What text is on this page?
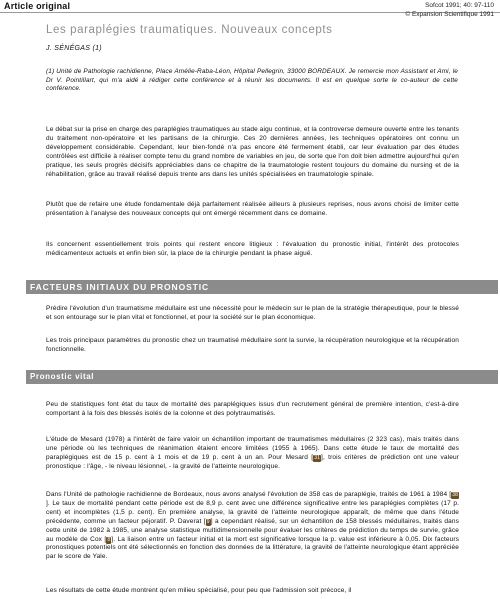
Article original	Sofcot 1991; 40: 97-110
© Expansion Scientifique 1991
Les paraplégies traumatiques. Nouveaux concepts
J. SÉNÉGAS (1)
(1) Unité de Pathologie rachidienne, Place Amélie-Raba-Léon, Hôpital Pellegrin, 33000 BORDEAUX. Je remercie mon Assistant et Ami, le Dr V. Pointillart, qui m'a aidé à rédiger cette conférence et à réunir les documents. Il est en quelque sorte le co-auteur de cette conférence.
Le débat sur la prise en charge des paraplégies traumatiques au stade aigu continue, et la controverse demeure ouverte entre les tenants du traitement non-opératoire et les partisans de la chirurgie. Ces 20 dernières années, les techniques opératoires ont connu un développement considérable. Cependant, leur bien-fondé n'a pas encore été fermement établi, car leur évaluation par des études contrôlées est difficile à réaliser compte tenu du grand nombre de variables en jeu, de sorte que l'on doit bien admettre aujourd'hui qu'en pratique, les seuls progrès décisifs appréciables dans ce chapitre de la traumatologie restent toujours du domaine du nursing et de la réhabilitation, grâce au travail réalisé depuis trente ans dans les unités spécialisées en traumatologie spinale.
Plutôt que de refaire une étude fondamentale déjà parfaitement réalisée ailleurs à plusieurs reprises, nous avons choisi de limiter cette présentation à l'analyse des nouveaux concepts qui ont émergé récemment dans ce domaine.
Ils concernent essentiellement trois points qui restent encore litigieux : l'évaluation du pronostic initial, l'intérêt des protocoles médicamenteux actuels et enfin bien sûr, la place de la chirurgie pendant la phase aiguë.
FACTEURS INITIAUX DU PRONOSTIC
Prédire l'évolution d'un traumatisme médullaire est une nécessité pour le médecin sur le plan de la stratégie thérapeutique, pour le blessé et son entourage sur le plan vital et fonctionnel, et pour la société sur le plan économique.
Les trois principaux paramètres du pronostic chez un traumatisé médullaire sont la survie, la récupération neurologique et la récupération fonctionnelle.
Pronostic vital
Peu de statistiques font état du taux de mortalité des paraplégiques issus d'un recrutement général de première intention, c'est-à-dire comportant à la fois des blessés isolés de la colonne et des polytraumatisés.
L'étude de Mesard (1978) a l'intérêt de faire valoir un échantillon important de traumatismes médullaires (2 323 cas), mais traités dans une période où les techniques de réanimation étaient encore limitées (1955 à 1965). Dans cette étude le taux de mortalité des paraplégiques est de 15 p. cent à 1 mois et de 19 p. cent à un an. Pour Mesard [31], trois critères de prédiction ont une valeur pronostique : l'âge, - le niveau lésionnel, - la gravité de l'atteinte neurologique.
Dans l'Unité de pathologie rachidienne de Bordeaux, nous avons analysé l'évolution de 358 cas de paraplégie, traités de 1961 à 1984 [38]. Le taux de mortalité pendant cette période est de 8,9 p. cent avec une différence significative entre les paraplégies complètes (17 p. cent) et incomplètes (1,5 p. cent). En première analyse, la gravité de l'atteinte neurologique apparaît, de même que dans l'étude précédente, comme un facteur péjoratif. P. Daverat [9] a cependant réalisé, sur un échantillon de 158 blessés médullaires, traités dans cette unité de 1982 à 1985, une analyse statistique multidimensionnelle pour évaluer les critères de prédiction du temps de survie, grâce au modèle de Cox [8]. La liaison entre un facteur initial et la mort est significative lorsque la p. value est inférieure à 0,05. Dix facteurs pronostiques potentiels ont été sélectionnés en fonction des données de la littérature, la gravité de l'atteinte neurologique étant appréciée par le score de Yale.
Les résultats de cette étude montrent qu'en milieu spécialisé, pour peu que l'admission soit précoce, il
